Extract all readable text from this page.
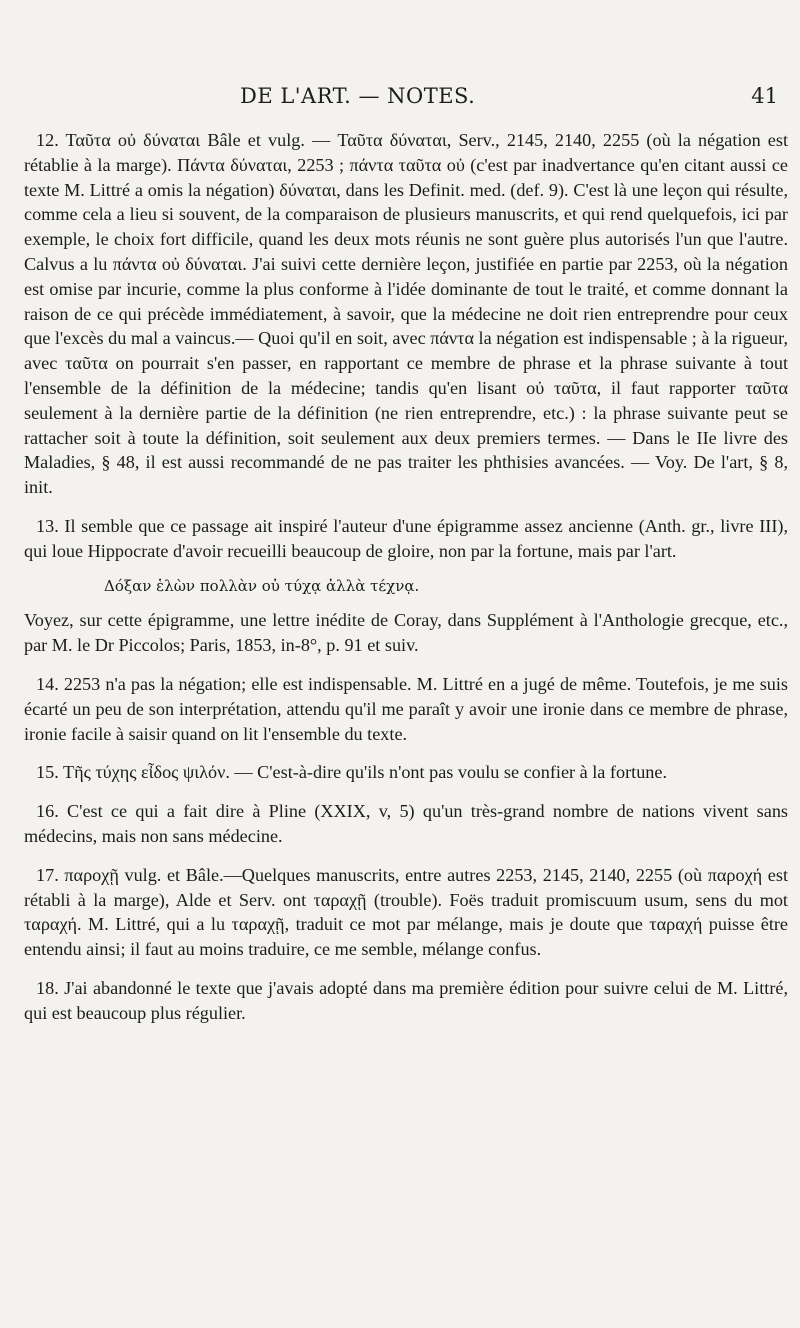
DE L'ART. — NOTES.	41

12. Ταῦτα οὐ δύναται Bâle et vulg. — Ταῦτα δύναται, Serv., 2145, 2140, 2255 (où la négation est rétablie à la marge). Πάντα δύναται, 2253 ; πάντα ταῦτα οὐ (c'est par inadvertance qu'en citant aussi ce texte M. Littré a omis la négation) δύναται, dans les Definit. med. (def. 9). C'est là une leçon qui résulte, comme cela a lieu si souvent, de la comparaison de plusieurs manuscrits, et qui rend quelquefois, ici par exemple, le choix fort difficile, quand les deux mots réunis ne sont guère plus autorisés l'un que l'autre. Calvus a lu πάντα οὐ δύναται. J'ai suivi cette dernière leçon, justifiée en partie par 2253, où la négation est omise par incurie, comme la plus conforme à l'idée dominante de tout le traité, et comme donnant la raison de ce qui précède immédiatement, à savoir, que la médecine ne doit rien entreprendre pour ceux que l'excès du mal a vaincus.— Quoi qu'il en soit, avec πάντα la négation est indispensable ; à la rigueur, avec ταῦτα on pourrait s'en passer, en rapportant ce membre de phrase et la phrase suivante à tout l'ensemble de la définition de la médecine; tandis qu'en lisant οὐ ταῦτα, il faut rapporter ταῦτα seulement à la dernière partie de la définition (ne rien entreprendre, etc.) : la phrase suivante peut se rattacher soit à toute la définition, soit seulement aux deux premiers termes. — Dans le IIe livre des Maladies, § 48, il est aussi recommandé de ne pas traiter les phthisies avancées. — Voy. De l'art, § 8, init.

13. Il semble que ce passage ait inspiré l'auteur d'une épigramme assez ancienne (Anth. gr., livre III), qui loue Hippocrate d'avoir recueilli beaucoup de gloire, non par la fortune, mais par l'art.

Δόξαν ἑλὼν πολλὰν οὐ τύχᾳ ἀλλὰ τέχνᾳ.

Voyez, sur cette épigramme, une lettre inédite de Coray, dans Supplément à l'Anthologie grecque, etc., par M. le Dr Piccolos; Paris, 1853, in-8°, p. 91 et suiv.

14. 2253 n'a pas la négation; elle est indispensable. M. Littré en a jugé de même. Toutefois, je me suis écarté un peu de son interprétation, attendu qu'il me paraît y avoir une ironie dans ce membre de phrase, ironie facile à saisir quand on lit l'ensemble du texte.

15. Τῆς τύχης εἶδος ψιλόν. — C'est-à-dire qu'ils n'ont pas voulu se confier à la fortune.

16. C'est ce qui a fait dire à Pline (XXIX, v, 5) qu'un très-grand nombre de nations vivent sans médecins, mais non sans médecine.

17. παροχῇ vulg. et Bâle.—Quelques manuscrits, entre autres 2253, 2145, 2140, 2255 (où παροχή est rétabli à la marge), Alde et Serv. ont ταραχῇ (trouble). Foës traduit promiscuum usum, sens du mot ταραχή. M. Littré, qui a lu ταραχῇ, traduit ce mot par mélange, mais je doute que ταραχή puisse être entendu ainsi; il faut au moins traduire, ce me semble, mélange confus.

18. J'ai abandonné le texte que j'avais adopté dans ma première édition pour suivre celui de M. Littré, qui est beaucoup plus régulier.
